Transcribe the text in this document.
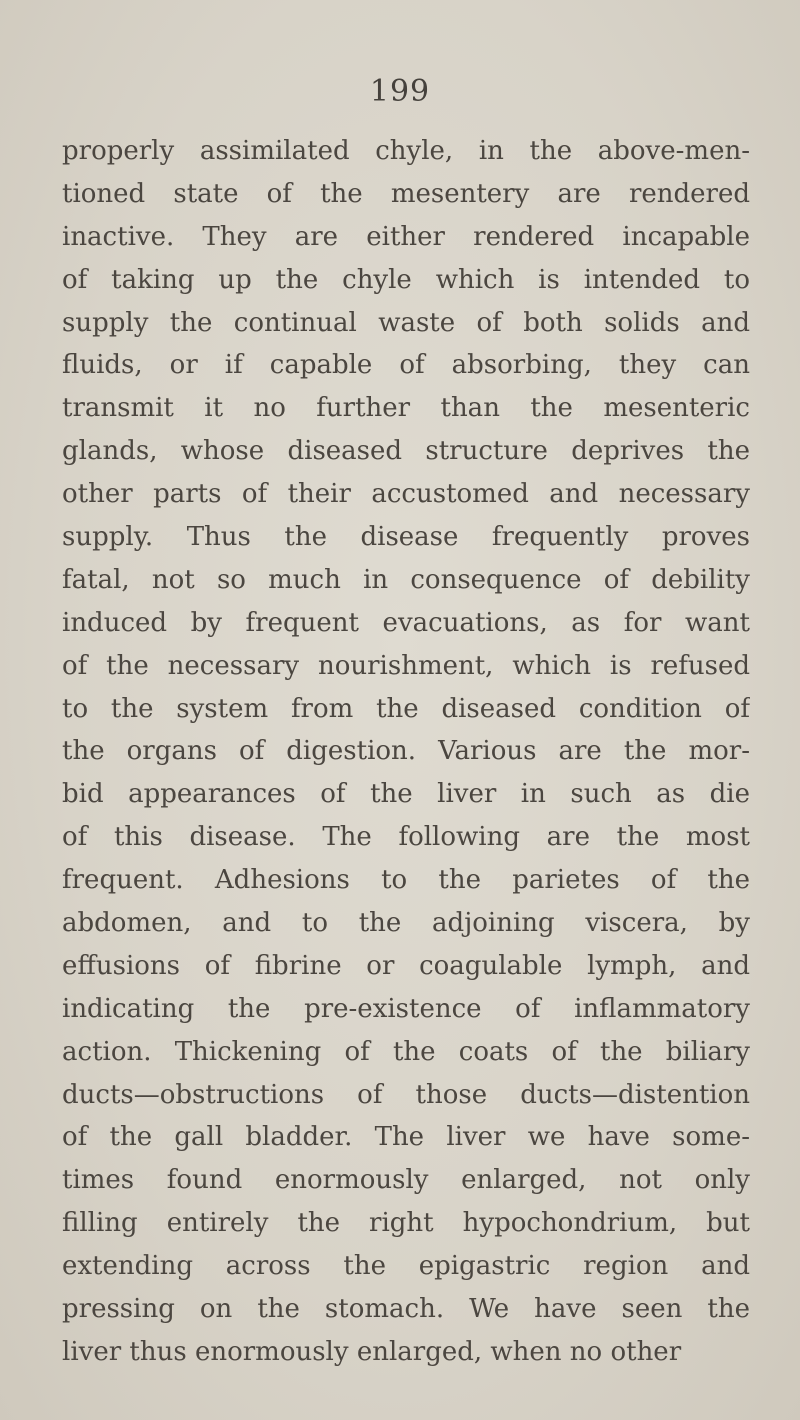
199
properly assimilated chyle, in the above-men-
tioned state of the mesentery are rendered
inactive. They are either rendered incapable
of taking up the chyle which is intended to
supply the continual waste of both solids and
fluids, or if capable of absorbing, they can
transmit it no further than the mesenteric
glands, whose diseased structure deprives the
other parts of their accustomed and necessary
supply. Thus the disease frequently proves
fatal, not so much in consequence of debility
induced by frequent evacuations, as for want
of the necessary nourishment, which is refused
to the system from the diseased condition of
the organs of digestion. Various are the mor-
bid appearances of the liver in such as die
of this disease. The following are the most
frequent. Adhesions to the parietes of the
abdomen, and to the adjoining viscera, by
effusions of fibrine or coagulable lymph, and
indicating the pre-existence of inflammatory
action. Thickening of the coats of the biliary
ducts—obstructions of those ducts—distention
of the gall bladder. The liver we have some-
times found enormously enlarged, not only
filling entirely the right hypochondrium, but
extending across the epigastric region and
pressing on the stomach. We have seen the
liver thus enormously enlarged, when no other
